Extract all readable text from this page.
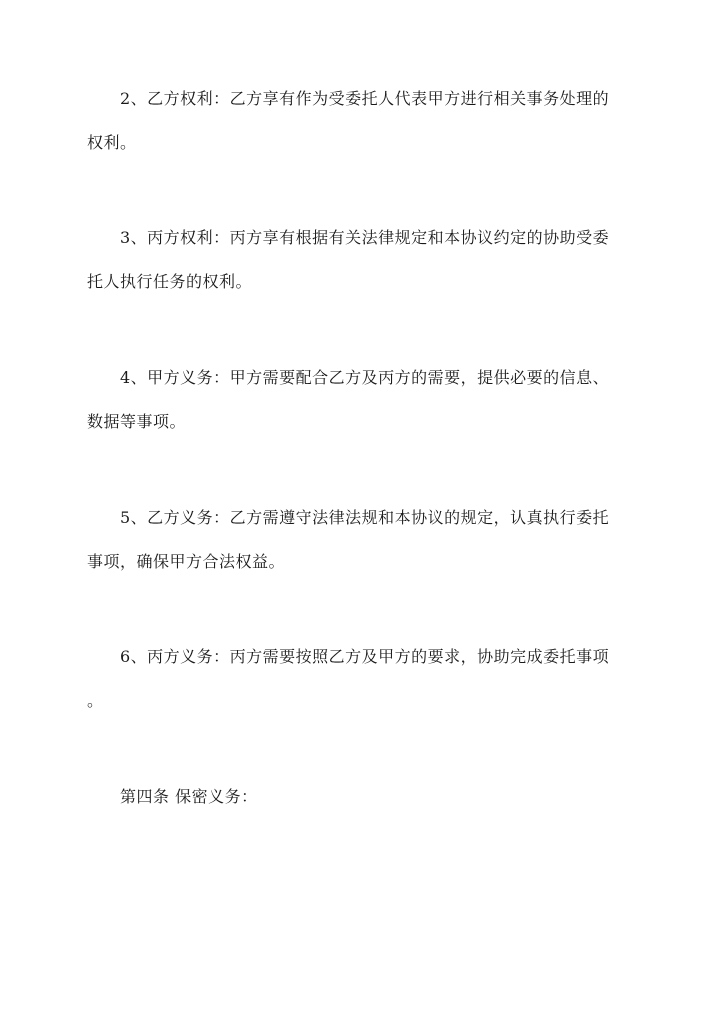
2、乙方权利：乙方享有作为受委托人代表甲方进行相关事务处理的
权利。

3、丙方权利：丙方享有根据有关法律规定和本协议约定的协助受委
托人执行任务的权利。

4、甲方义务：甲方需要配合乙方及丙方的需要，提供必要的信息、
数据等事项。

5、乙方义务：乙方需遵守法律法规和本协议的规定，认真执行委托
事项，确保甲方合法权益。

6、丙方义务：丙方需要按照乙方及甲方的要求，协助完成委托事项
。

第四条 保密义务：
